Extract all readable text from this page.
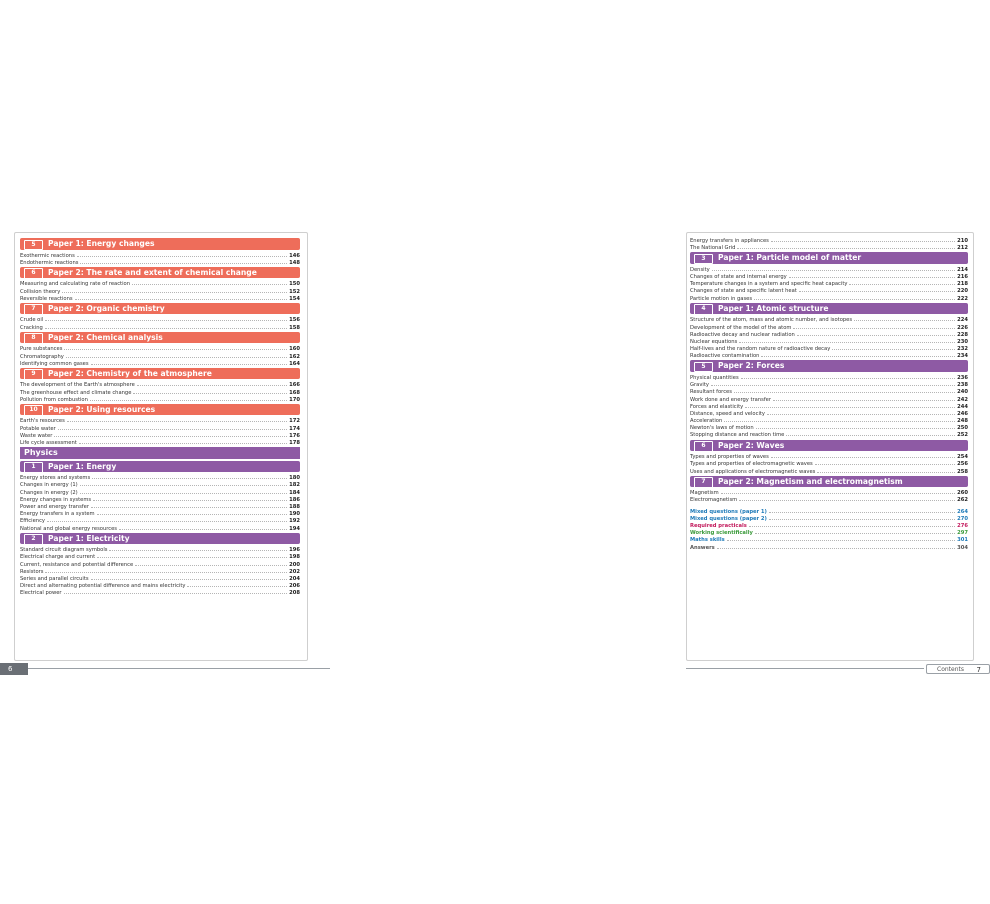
5	Paper 1: Energy changes
Exothermic reactions	146
Endothermic reactions	148
6	Paper 2: The rate and extent of chemical change
Measuring and calculating rate of reaction	150
Collision theory	152
Reversible reactions	154
7	Paper 2: Organic chemistry
Crude oil	156
Cracking	158
8	Paper 2: Chemical analysis
Pure substances	160
Chromatography	162
Identifying common gases	164
9	Paper 2: Chemistry of the atmosphere
The development of the Earth's atmosphere	166
The greenhouse effect and climate change	168
Pollution from combustion	170
10	Paper 2: Using resources
Earth's resources	172
Potable water	174
Waste water	176
Life cycle assessment	178
Physics
1	Paper 1: Energy
Energy stores and systems	180
Changes in energy (1)	182
Changes in energy (2)	184
Energy changes in systems	186
Power and energy transfer	188
Energy transfers in a system	190
Efficiency	192
National and global energy resources	194
2	Paper 1: Electricity
Standard circuit diagram symbols	196
Electrical charge and current	198
Current, resistance and potential difference	200
Resistors	202
Series and parallel circuits	204
Direct and alternating potential difference and mains electricity	206
Electrical power	208
6
Energy transfers in appliances	210
The National Grid	212
3	Paper 1: Particle model of matter
Density	214
Changes of state and internal energy	216
Temperature changes in a system and specific heat capacity	218
Changes of state and specific latent heat	220
Particle motion in gases	222
4	Paper 1: Atomic structure
Structure of the atom, mass and atomic number, and isotopes	224
Development of the model of the atom	226
Radioactive decay and nuclear radiation	228
Nuclear equations	230
Half-lives and the random nature of radioactive decay	232
Radioactive contamination	234
5	Paper 2: Forces
Physical quantities	236
Gravity	238
Resultant forces	240
Work done and energy transfer	242
Forces and elasticity	244
Distance, speed and velocity	246
Acceleration	248
Newton's laws of motion	250
Stopping distance and reaction time	252
6	Paper 2: Waves
Types and properties of waves	254
Types and properties of electromagnetic waves	256
Uses and applications of electromagnetic waves	258
7	Paper 2: Magnetism and electromagnetism
Magnetism	260
Electromagnetism	262
Mixed questions (paper 1)	264
Mixed questions (paper 2)	270
Required practicals	276
Working scientifically	297
Maths skills	301
Answers	304
Contents 7
